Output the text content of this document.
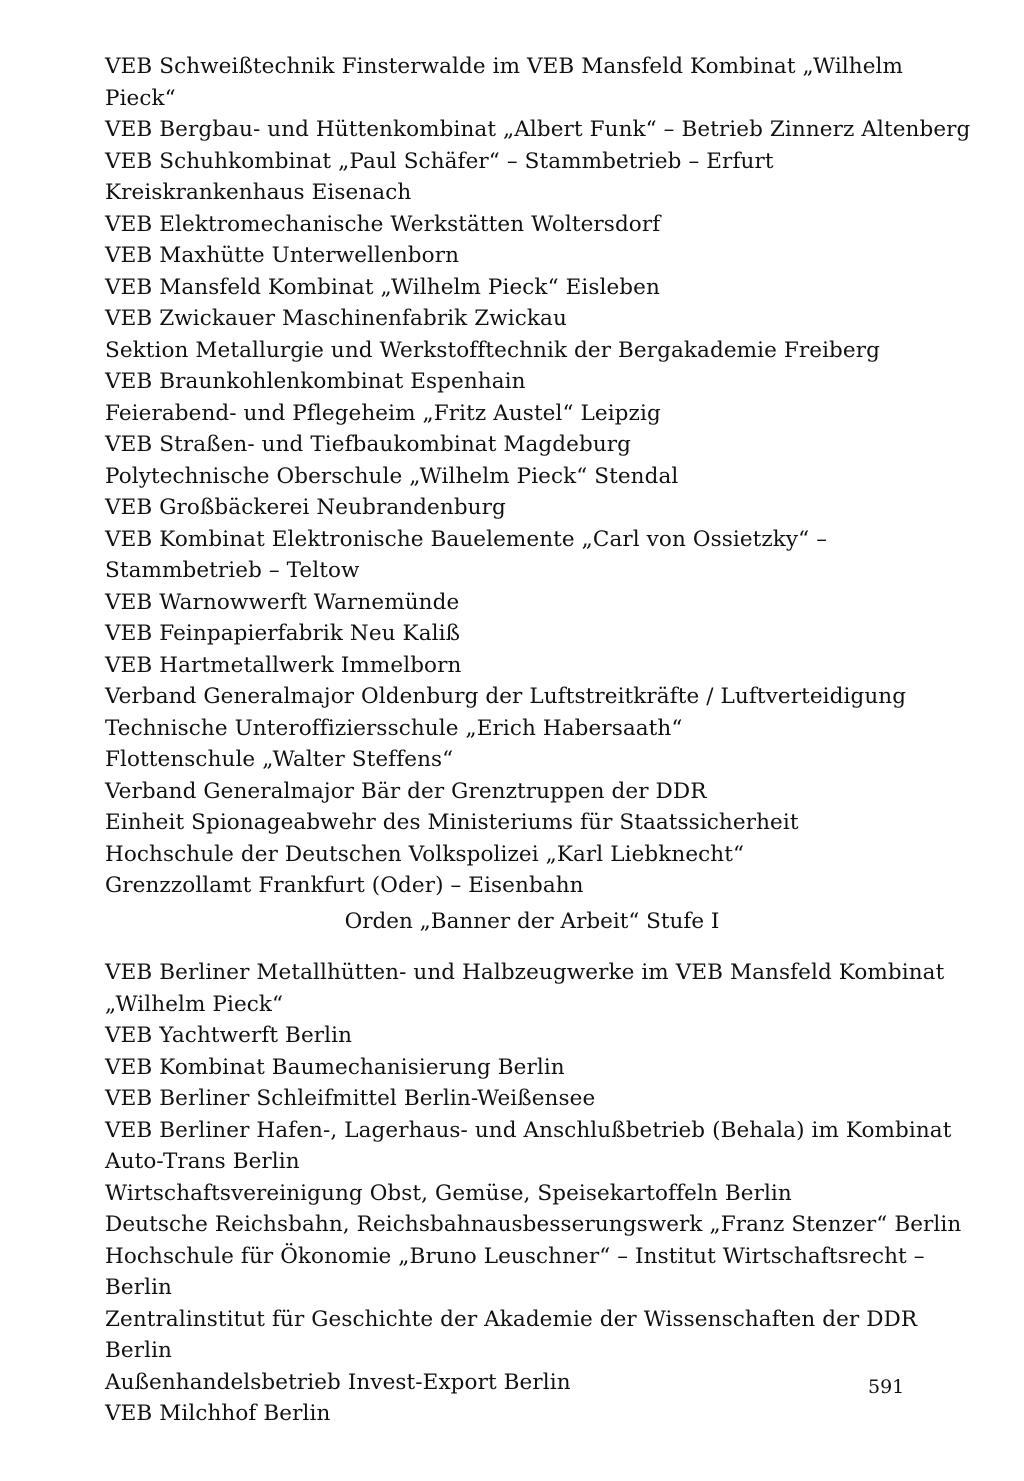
VEB Schweißtechnik Finsterwalde im VEB Mansfeld Kombinat „Wilhelm Pieck“
VEB Bergbau- und Hüttenkombinat „Albert Funk“ – Betrieb Zinnerz Altenberg
VEB Schuhkombinat „Paul Schäfer“ – Stammbetrieb – Erfurt
Kreiskrankenhaus Eisenach
VEB Elektromechanische Werkstätten Woltersdorf
VEB Maxhütte Unterwellenborn
VEB Mansfeld Kombinat „Wilhelm Pieck“ Eisleben
VEB Zwickauer Maschinenfabrik Zwickau
Sektion Metallurgie und Werkstofftechnik der Bergakademie Freiberg
VEB Braunkohlenkombinat Espenhain
Feierabend- und Pflegeheim „Fritz Austel“ Leipzig
VEB Straßen- und Tiefbaukombinat Magdeburg
Polytechnische Oberschule „Wilhelm Pieck“ Stendal
VEB Großbäckerei Neubrandenburg
VEB Kombinat Elektronische Bauelemente „Carl von Ossietzky“ – Stammbetrieb – Teltow
VEB Warnowwerft Warnemünde
VEB Feinpapierfabrik Neu Kaliß
VEB Hartmetallwerk Immelborn
Verband Generalmajor Oldenburg der Luftstreitkräfte / Luftverteidigung
Technische Unteroffiziersschule „Erich Habersaath“
Flottenschule „Walter Steffens“
Verband Generalmajor Bär der Grenztruppen der DDR
Einheit Spionageabwehr des Ministeriums für Staatssicherheit
Hochschule der Deutschen Volkspolizei „Karl Liebknecht“
Grenzzollamt Frankfurt (Oder) – Eisenbahn
Orden „Banner der Arbeit“ Stufe I
VEB Berliner Metallhütten- und Halbzeugwerke im VEB Mansfeld Kombinat „Wilhelm Pieck“
VEB Yachtwerft Berlin
VEB Kombinat Baumechanisierung Berlin
VEB Berliner Schleifmittel Berlin-Weißensee
VEB Berliner Hafen-, Lagerhaus- und Anschlußbetrieb (Behala) im Kombinat Auto-Trans Berlin
Wirtschaftsvereinigung Obst, Gemüse, Speisekartoffeln Berlin
Deutsche Reichsbahn, Reichsbahnausbesserungswerk „Franz Stenzer“ Berlin
Hochschule für Ökonomie „Bruno Leuschner“ – Institut Wirtschaftsrecht – Berlin
Zentralinstitut für Geschichte der Akademie der Wissenschaften der DDR Berlin
Außenhandelsbetrieb Invest-Export Berlin
VEB Milchhof Berlin
591
